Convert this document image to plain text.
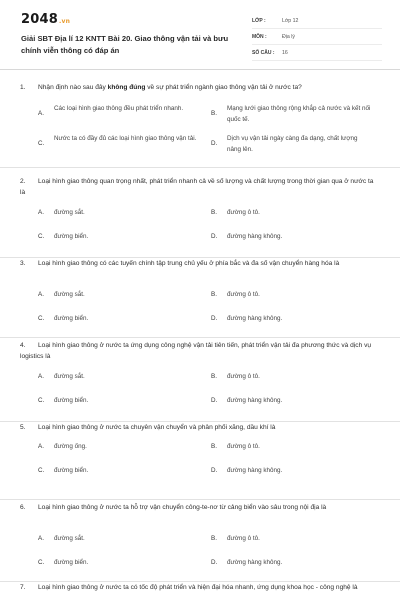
2048.vn
Giải SBT Địa lí 12 KNTT Bài 20. Giao thông vận tải và bưu chính viễn thông có đáp án
LỚP :	Lớp 12
MÔN :	Địa lý
SỐ CÂU :	16
1. Nhận định nào sau đây không đúng về sự phát triển ngành giao thông vận tải ở nước ta?
A.
Các loại hình giao thông đều phát triển nhanh.
B.
Mạng lưới giao thông rộng khắp cả nước và kết nối quốc tế.
C.
Nước ta có đầy đủ các loại hình giao thông vận tải.
D.
Dịch vụ vận tải ngày càng đa dạng, chất lượng nâng lên.
2. Loại hình giao thông quan trọng nhất, phát triển nhanh cả về số lượng và chất lượng trong thời gian qua ở nước ta là
A. đường sắt.	B. đường ô tô.
C. đường biển.	D. đường hàng không.
3. Loại hình giao thông có các tuyến chính tập trung chủ yếu ở phía bắc và đa số vận chuyển hàng hóa là
A. đường sắt.	B. đường ô tô.
C. đường biển.	D. đường hàng không.
4. Loại hình giao thông ở nước ta ứng dụng công nghệ vận tải tiên tiến, phát triển vận tải đa phương thức và dịch vụ logistics là
A. đường sắt.	B. đường ô tô.
C. đường biển.	D. đường hàng không.
5. Loại hình giao thông ở nước ta chuyên vận chuyển và phân phối xăng, dầu khí là
A. đường ống.	B. đường ô tô.
C. đường biển.	D. đường hàng không.
6. Loại hình giao thông ở nước ta hỗ trợ vận chuyển công-te-nơ từ cảng biển vào sâu trong nội địa là
A. đường sắt.	B. đường ô tô.
C. đường biển.	D. đường hàng không.
7. Loại hình giao thông ở nước ta có tốc độ phát triển và hiện đại hóa nhanh, ứng dụng khoa học - công nghệ là
